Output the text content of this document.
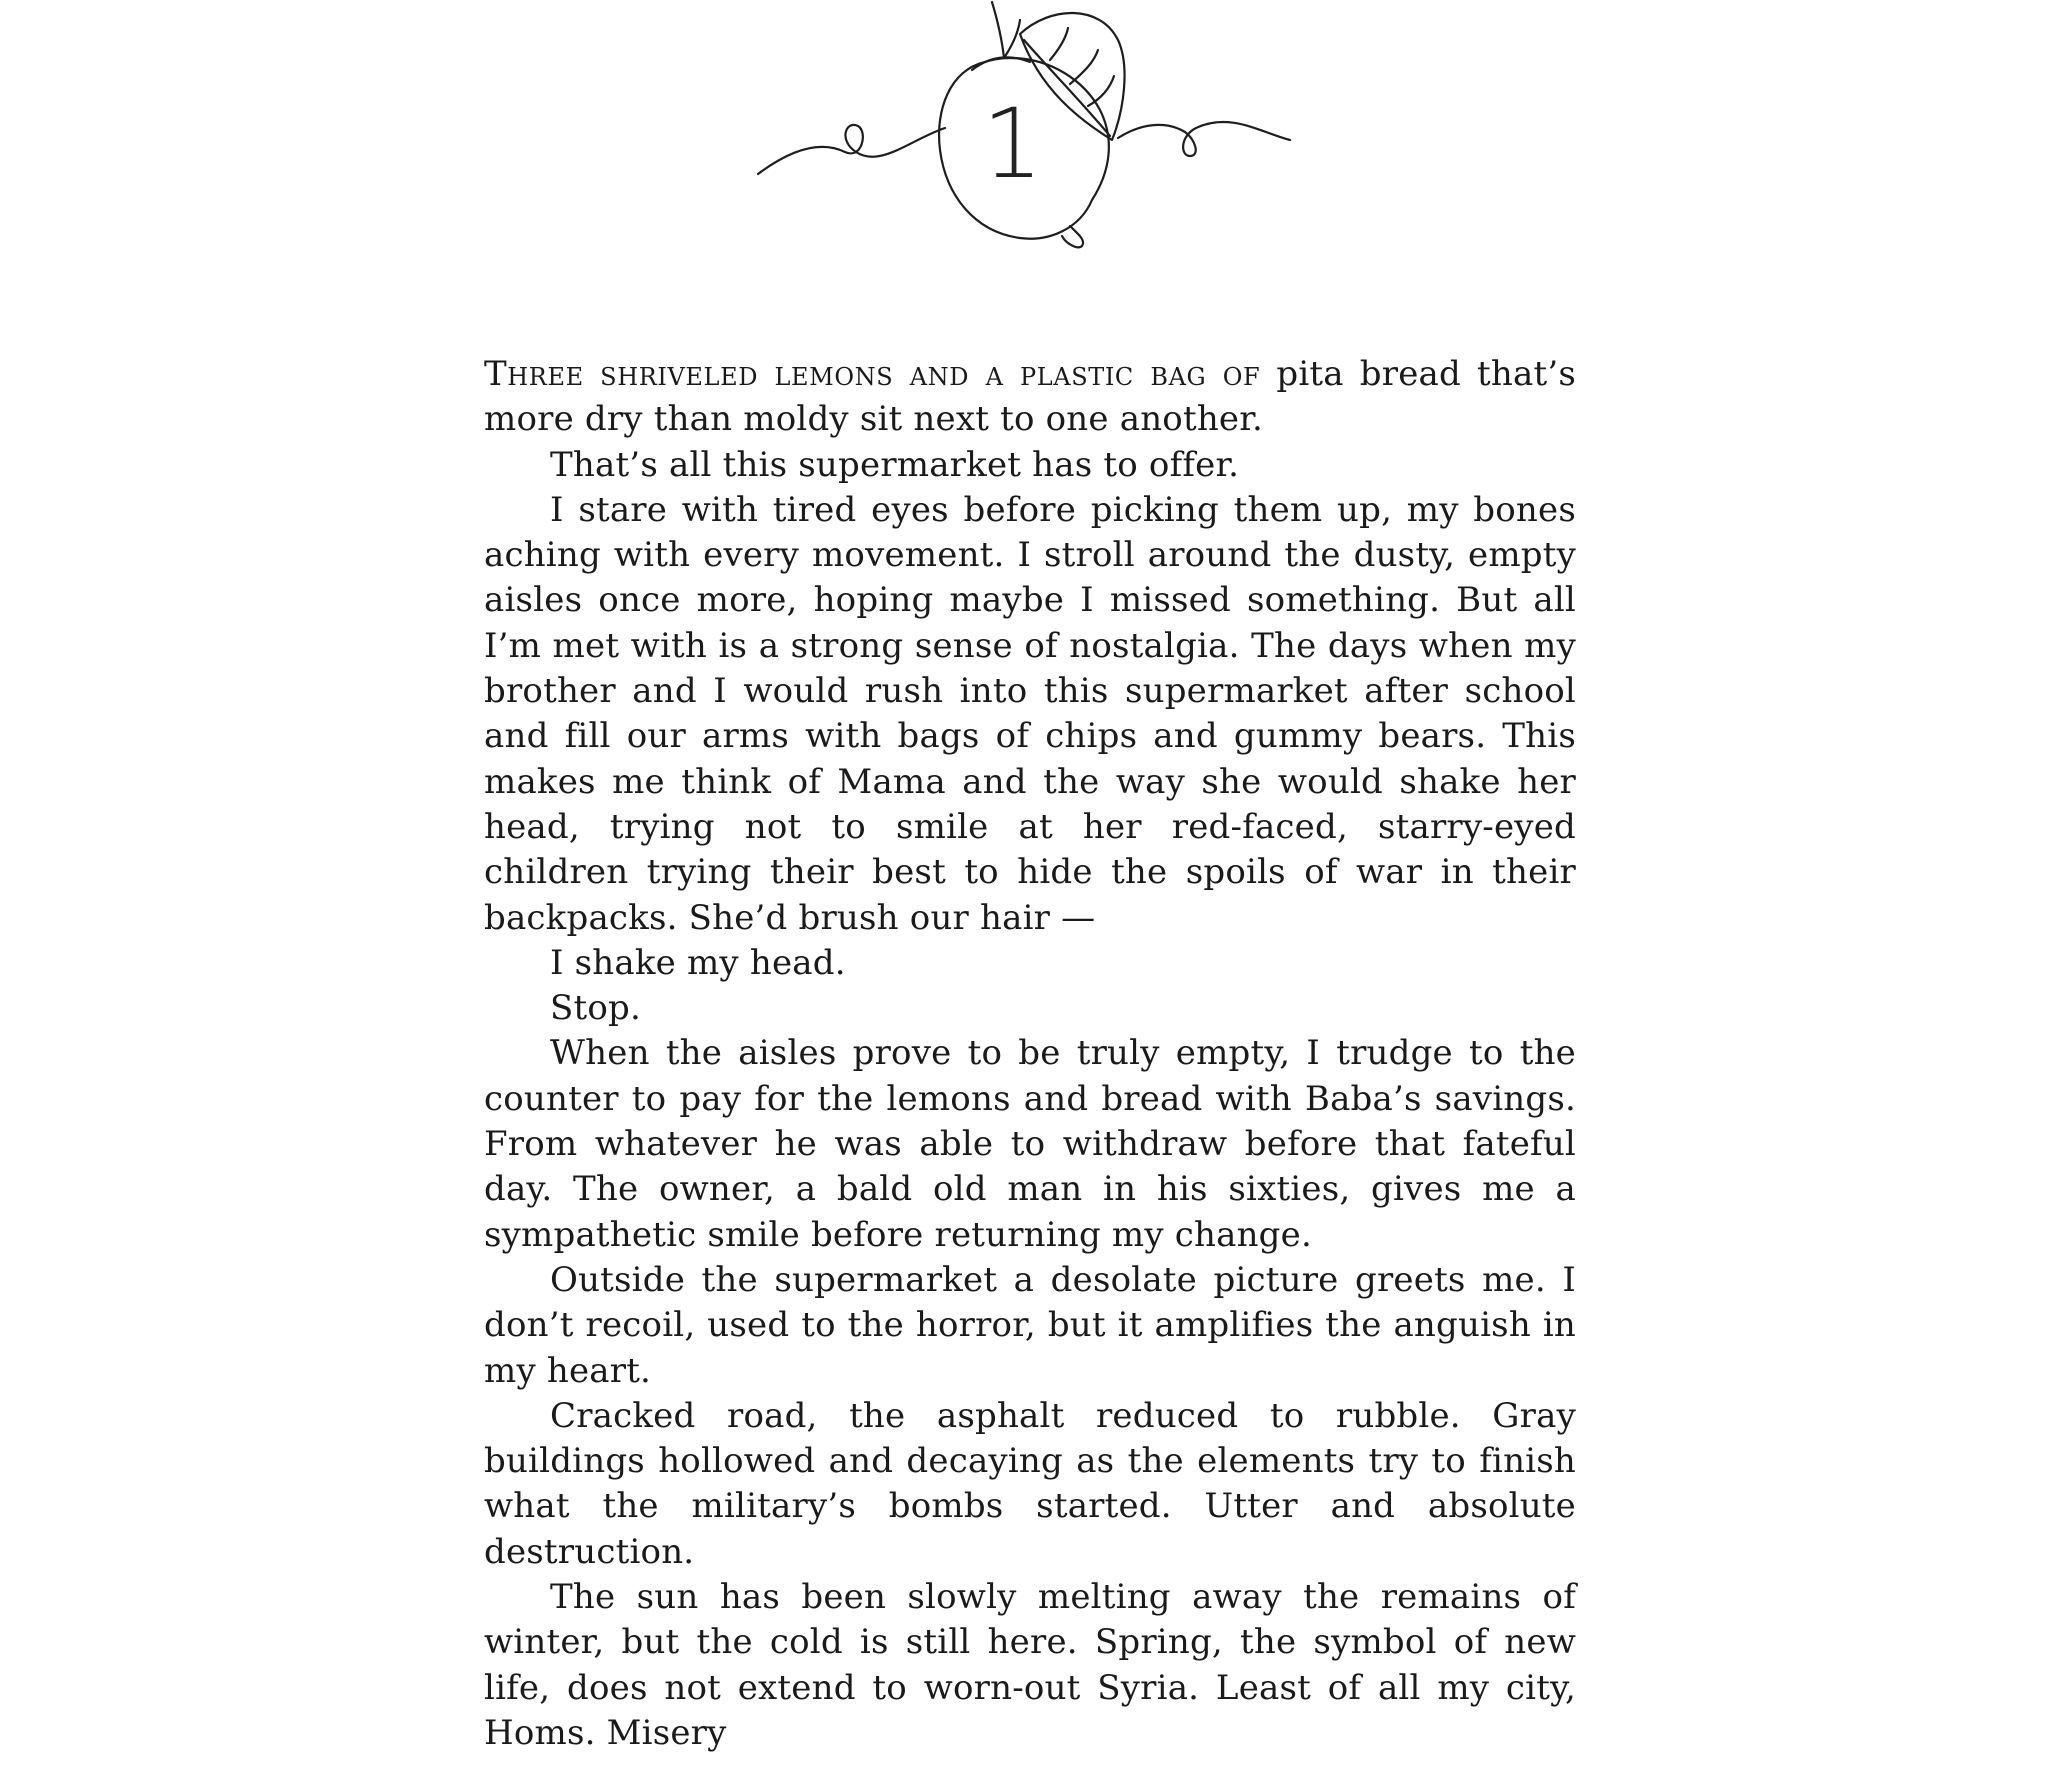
1

Three shriveled lemons and a plastic bag of pita bread that’s more dry than moldy sit next to one another.

That’s all this supermarket has to offer.

I stare with tired eyes before picking them up, my bones aching with every movement. I stroll around the dusty, empty aisles once more, hoping maybe I missed something. But all I’m met with is a strong sense of nostalgia. The days when my brother and I would rush into this supermarket after school and fill our arms with bags of chips and gummy bears. This makes me think of Mama and the way she would shake her head, trying not to smile at her red-faced, starry-eyed children trying their best to hide the spoils of war in their backpacks. She’d brush our hair —

I shake my head.

Stop.

When the aisles prove to be truly empty, I trudge to the counter to pay for the lemons and bread with Baba’s savings. From whatever he was able to withdraw before that fateful day. The owner, a bald old man in his sixties, gives me a sympathetic smile before returning my change.

Outside the supermarket a desolate picture greets me. I don’t recoil, used to the horror, but it amplifies the anguish in my heart.

Cracked road, the asphalt reduced to rubble. Gray buildings hollowed and decaying as the elements try to finish what the military’s bombs started. Utter and absolute destruction.

The sun has been slowly melting away the remains of winter, but the cold is still here. Spring, the symbol of new life, does not extend to worn-out Syria. Least of all my city, Homs. Misery
